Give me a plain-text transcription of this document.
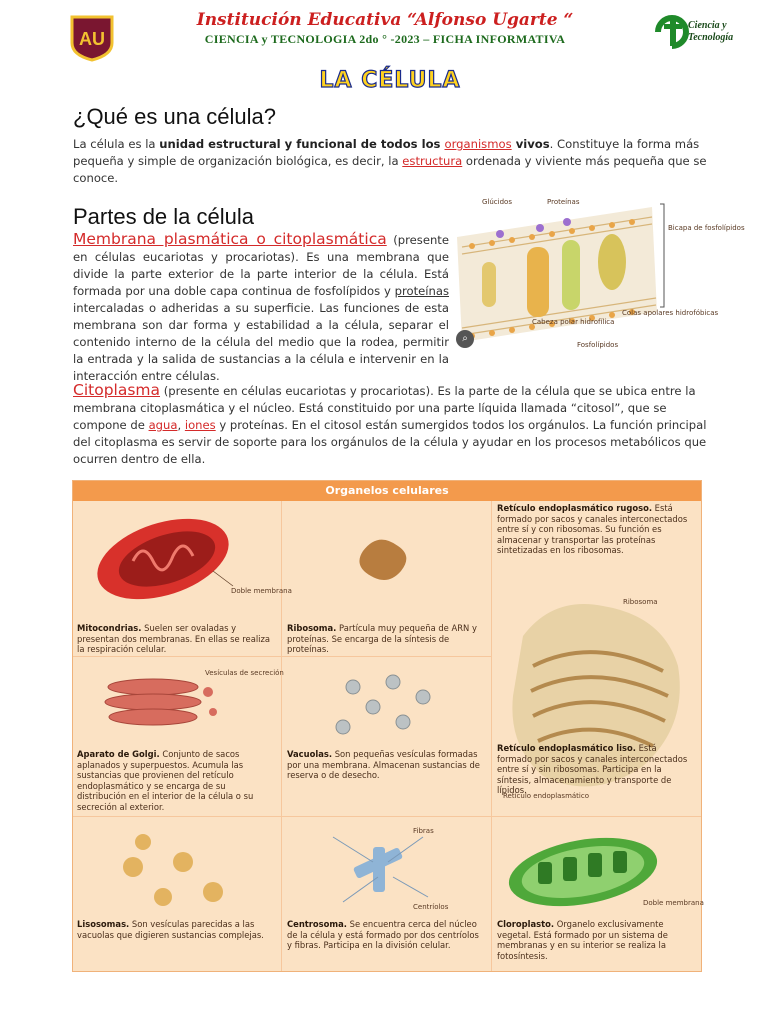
AU
Institución Educativa “Alfonso Ugarte “
CIENCIA y TECNOLOGIA 2do ° -2023 – FICHA INFORMATIVA
Ciencia y
Tecnología
LA CÉLULA
¿Qué es una célula?

La célula es la unidad estructural y funcional de todos los organismos vivos. Constituye la forma más pequeña y simple de organización biológica, es decir, la estructura ordenada y viviente más pequeña que se conoce.

Partes de la célula

Membrana plasmática o citoplasmática (presente en células eucariotas y procariotas). Es una membrana que divide la parte exterior de la parte interior de la célula. Está formada por una doble capa continua de fosfolípidos y proteínas intercaladas o adheridas a su superficie. Las funciones de esta membrana son dar forma y estabilidad a la célula, separar el contenido interno de la célula del medio que la rodea, permitir la entrada y la salida de sustancias a la célula e intervenir en la interacción entre células.

Glúcidos	Proteínas
Bicapa de fosfolípidos
Cabeza polar hidrofílica
Colas apolares hidrofóbicas
Fosfolípidos
⌕

Citoplasma (presente en células eucariotas y procariotas). Es la parte de la célula que se ubica entre la membrana citoplasmática y el núcleo. Está constituido por una parte líquida llamada “citosol”, que se compone de agua, iones y proteínas. En el citosol están sumergidos todos los orgánulos. La función principal del citoplasma es servir de soporte para los orgánulos de la célula y ayudar en los procesos metabólicos que ocurren dentro de ella.

Organelos celulares
Doble membrana
Mitocondrias. Suelen ser ovaladas y presentan dos membranas. En ellas se realiza la respiración celular.
Ribosoma. Partícula muy pequeña de ARN y proteínas. Se encarga de la síntesis de proteínas.
Retículo endoplasmático rugoso. Está formado por sacos y canales interconectados entre sí y con ribosomas. Su función es almacenar y transportar las proteínas sintetizadas en los ribosomas.
Ribosoma
Retículo endoplasmático
Vesículas de secreción
Aparato de Golgi. Conjunto de sacos aplanados y superpuestos. Acumula las sustancias que provienen del retículo endoplasmático y se encarga de su distribución en el interior de la célula o su secreción al exterior.
Vacuolas. Son pequeñas vesículas formadas por una membrana. Almacenan sustancias de reserva o de desecho.
Lisosomas. Son vesículas parecidas a las vacuolas que digieren sustancias complejas.
Fibras
Centríolos
Centrosoma. Se encuentra cerca del núcleo de la célula y está formado por dos centríolos y fibras. Participa en la división celular.
Retículo endoplasmático liso. Está formado por sacos y canales interconectados entre sí y sin ribosomas. Participa en la síntesis, almacenamiento y transporte de lípidos.
Doble membrana
Cloroplasto. Organelo exclusivamente vegetal. Está formado por un sistema de membranas y en su interior se realiza la fotosíntesis.
